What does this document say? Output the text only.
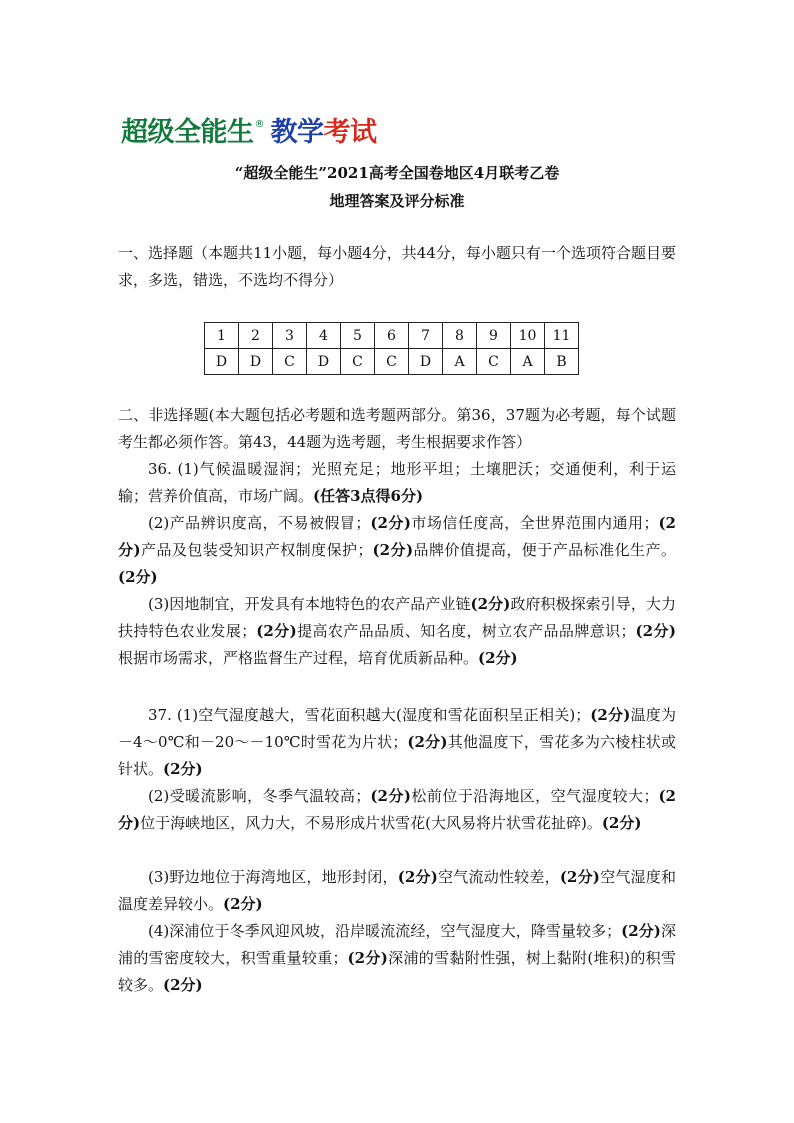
超级全能生® 教学考试
“超级全能生”2021高考全国卷地区4月联考乙卷
地理答案及评分标准
一、选择题（本题共11小题，每小题4分，共44分，每小题只有一个选项符合题目要求，多选，错选，不选均不得分）
1	2	3	4	5	6	7	8	9	10	11
D	D	C	D	C	C	D	A	C	A	B
二、非选择题(本大题包括必考题和选考题两部分。第36，37题为必考题，每个试题考生都必须作答。第43，44题为选考题，考生根据要求作答）
36. (1)气候温暖湿润；光照充足；地形平坦；土壤肥沃；交通便利，利于运输；营养价值高，市场广阔。(任答3点得6分)
(2)产品辨识度高，不易被假冒；(2分)市场信任度高，全世界范围内通用；(2分)产品及包装受知识产权制度保护；(2分)品牌价值提高，便于产品标准化生产。(2分)
(3)因地制宜，开发具有本地特色的农产品产业链(2分)政府积极探索引导，大力扶持特色农业发展；(2分)提高农产品品质、知名度，树立农产品品牌意识；(2分)根据市场需求，严格监督生产过程，培育优质新品种。(2分)
37. (1)空气湿度越大，雪花面积越大(湿度和雪花面积呈正相关)；(2分)温度为－4～0℃和－20～－10℃时雪花为片状；(2分)其他温度下，雪花多为六棱柱状或针状。(2分)
(2)受暖流影响，冬季气温较高；(2分)松前位于沿海地区，空气湿度较大；(2分)位于海峡地区，风力大，不易形成片状雪花(大风易将片状雪花扯碎)。(2分)
(3)野边地位于海湾地区，地形封闭，(2分)空气流动性较差，(2分)空气湿度和温度差异较小。(2分)
(4)深浦位于冬季风迎风坡，沿岸暖流流经，空气湿度大，降雪量较多；(2分)深浦的雪密度较大，积雪重量较重；(2分)深浦的雪黏附性强，树上黏附(堆积)的积雪较多。(2分)
